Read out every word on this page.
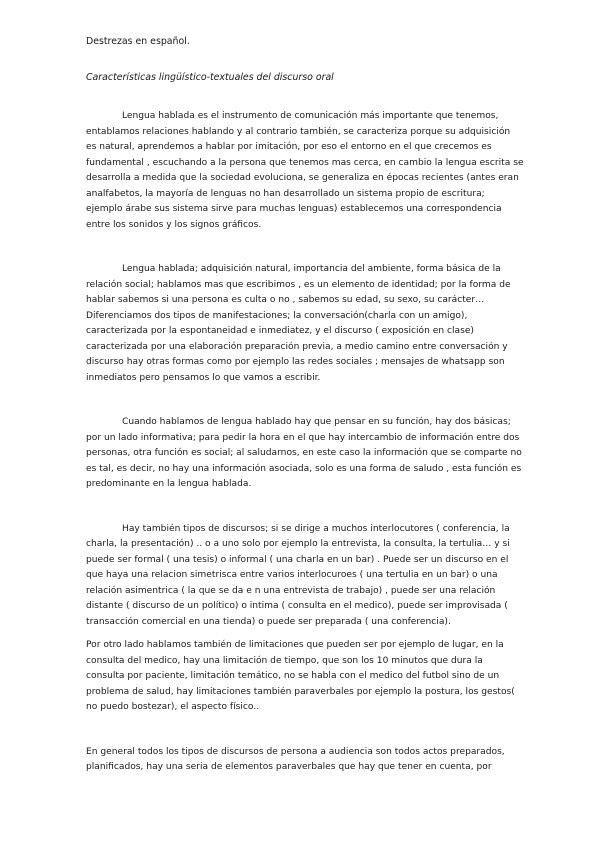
Destrezas en español.

Características lingüístico-textuales del discurso oral

Lengua hablada es el instrumento de comunicación más importante que tenemos,
entablamos relaciones hablando y al contrario también, se caracteriza porque su adquisición
es natural, aprendemos a hablar por imitación, por eso el entorno en el que crecemos es
fundamental , escuchando a la persona que tenemos mas cerca, en cambio la lengua escrita se
desarrolla a medida que la sociedad evoluciona, se generaliza en épocas recientes (antes eran
analfabetos, la mayoría de lenguas no han desarrollado un sistema propio de escritura;
ejemplo árabe sus sistema sirve para muchas lenguas) establecemos una correspondencia
entre los sonidos y los signos gráficos.
Lengua hablada; adquisición natural, importancia del ambiente, forma básica de la
relación social; hablamos mas que escribimos , es un elemento de identidad; por la forma de
hablar sabemos si una persona es culta o no , sabemos su edad, su sexo, su carácter…
Diferenciamos dos tipos de manifestaciones; la conversación(charla con un amigo),
caracterizada por la espontaneidad e inmediatez, y el discurso ( exposición en clase)
caracterizada por una elaboración preparación previa, a medio camino entre conversación y
discurso hay otras formas como por ejemplo las redes sociales ; mensajes de whatsapp son
inmediatos pero pensamos lo que vamos a escribir.
Cuando hablamos de lengua hablado hay que pensar en su función, hay dos básicas;
por un lado informativa; para pedir la hora en el que hay intercambio de información entre dos
personas, otra función es social; al saludarnos, en este caso la información que se comparte no
es tal, es decir, no hay una información asociada, solo es una forma de saludo , esta función es
predominante en la lengua hablada.
Hay también tipos de discursos; si se dirige a muchos interlocutores ( conferencia, la
charla, la presentación) .. o a uno solo por ejemplo la entrevista, la consulta, la tertulia… y si
puede ser formal ( una tesis) o informal ( una charla en un bar) . Puede ser un discurso en el
que haya una relacion simetrisca entre varios interlocuroes ( una tertulia en un bar) o una
relación asimentrica ( la que se da e n una entrevista de trabajo) , puede ser una relación
distante ( discurso de un político) o intima ( consulta en el medico), puede ser improvisada (
transacción comercial en una tienda) o puede ser preparada ( una conferencia).
Por otro lado hablamos también de limitaciones que pueden ser por ejemplo de lugar, en la
consulta del medico, hay una limitación de tiempo, que son los 10 minutos que dura la
consulta por paciente, limitación temático, no se habla con el medico del futbol sino de un
problema de salud, hay limitaciones también paraverbales por ejemplo la postura, los gestos(
no puedo bostezar), el aspecto físico..
En general todos los tipos de discursos de persona a audiencia son todos actos preparados,
planificados, hay una seria de elementos paraverbales que hay que tener en cuenta, por
